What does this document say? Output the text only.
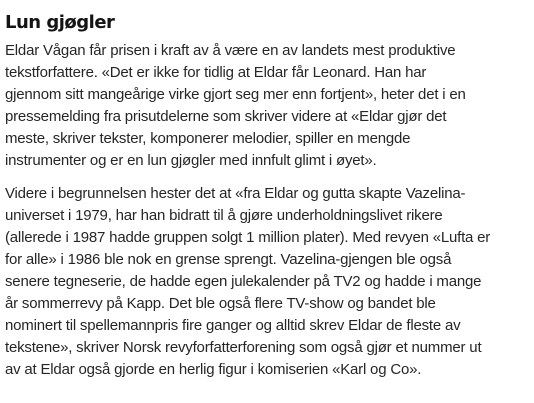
Lun gjøgler

Eldar Vågan får prisen i kraft av å være en av landets mest produktive
tekstforfattere. «Det er ikke for tidlig at Eldar får Leonard. Han har
gjennom sitt mangeårige virke gjort seg mer enn fortjent», heter det i en
pressemelding fra prisutdelerne som skriver videre at «Eldar gjør det
meste, skriver tekster, komponerer melodier, spiller en mengde
instrumenter og er en lun gjøgler med innfult glimt i øyet».

Videre i begrunnelsen hester det at «fra Eldar og gutta skapte Vazelina-
universet i 1979, har han bidratt til å gjøre underholdningslivet rikere
(allerede i 1987 hadde gruppen solgt 1 million plater). Med revyen «Lufta er
for alle» i 1986 ble nok en grense sprengt. Vazelina-gjengen ble også
senere tegneserie, de hadde egen julekalender på TV2 og hadde i mange
år sommerrevy på Kapp. Det ble også flere TV-show og bandet ble
nominert til spellemannpris fire ganger og alltid skrev Eldar de fleste av
tekstene», skriver Norsk revyforfatterforening som også gjør et nummer ut
av at Eldar også gjorde en herlig figur i komiserien «Karl og Co».
